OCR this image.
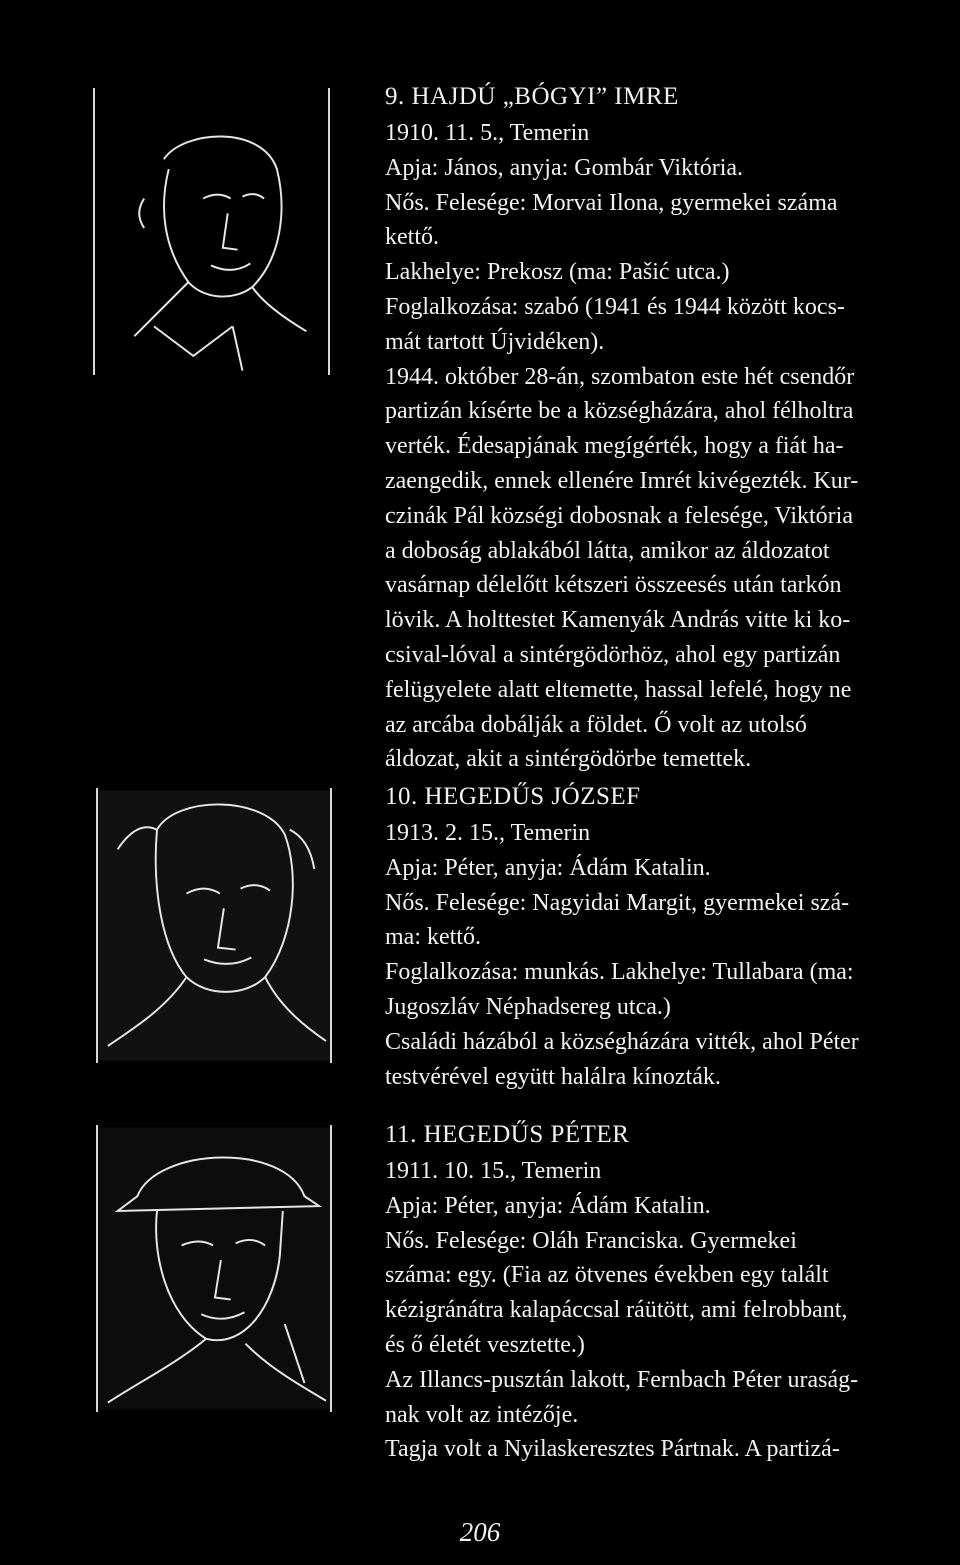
9. HAJDÚ „BÓGYI” IMRE
1910. 11. 5., Temerin
Apja: János, anyja: Gombár Viktória.
Nős. Felesége: Morvai Ilona, gyermekei száma
kettő.
Lakhelye: Prekosz (ma: Pašić utca.)
Foglalkozása: szabó (1941 és 1944 között kocs-
mát tartott Újvidéken).
1944. október 28-án, szombaton este hét csendőr
partizán kísérte be a községházára, ahol félholtra
verték. Édesapjának megígérték, hogy a fiát ha-
zaengedik, ennek ellenére Imrét kivégezték. Kur-
czinák Pál községi dobosnak a felesége, Viktória
a doboság ablakából látta, amikor az áldozatot
vasárnap délelőtt kétszeri összeesés után tarkón
lövik. A holttestet Kamenyák András vitte ki ko-
csival-lóval a sintérgödörhöz, ahol egy partizán
felügyelete alatt eltemette, hassal lefelé, hogy ne
az arcába dobálják a földet. Ő volt az utolsó
áldozat, akit a sintérgödörbe temettek.
10. HEGEDŰS JÓZSEF
1913. 2. 15., Temerin
Apja: Péter, anyja: Ádám Katalin.
Nős. Felesége: Nagyidai Margit, gyermekei szá-
ma: kettő.
Foglalkozása: munkás. Lakhelye: Tullabara (ma:
Jugoszláv Néphadsereg utca.)
Családi házából a községházára vitték, ahol Péter
testvérével együtt halálra kínozták.
11. HEGEDŰS PÉTER
1911. 10. 15., Temerin
Apja: Péter, anyja: Ádám Katalin.
Nős. Felesége: Oláh Franciska. Gyermekei
száma: egy. (Fia az ötvenes években egy talált
kézigránátra kalapáccsal ráütött, ami felrobbant,
és ő életét vesztette.)
Az Illancs-pusztán lakott, Fernbach Péter uraság-
nak volt az intézője.
Tagja volt a Nyilaskeresztes Pártnak. A partizá-
206
